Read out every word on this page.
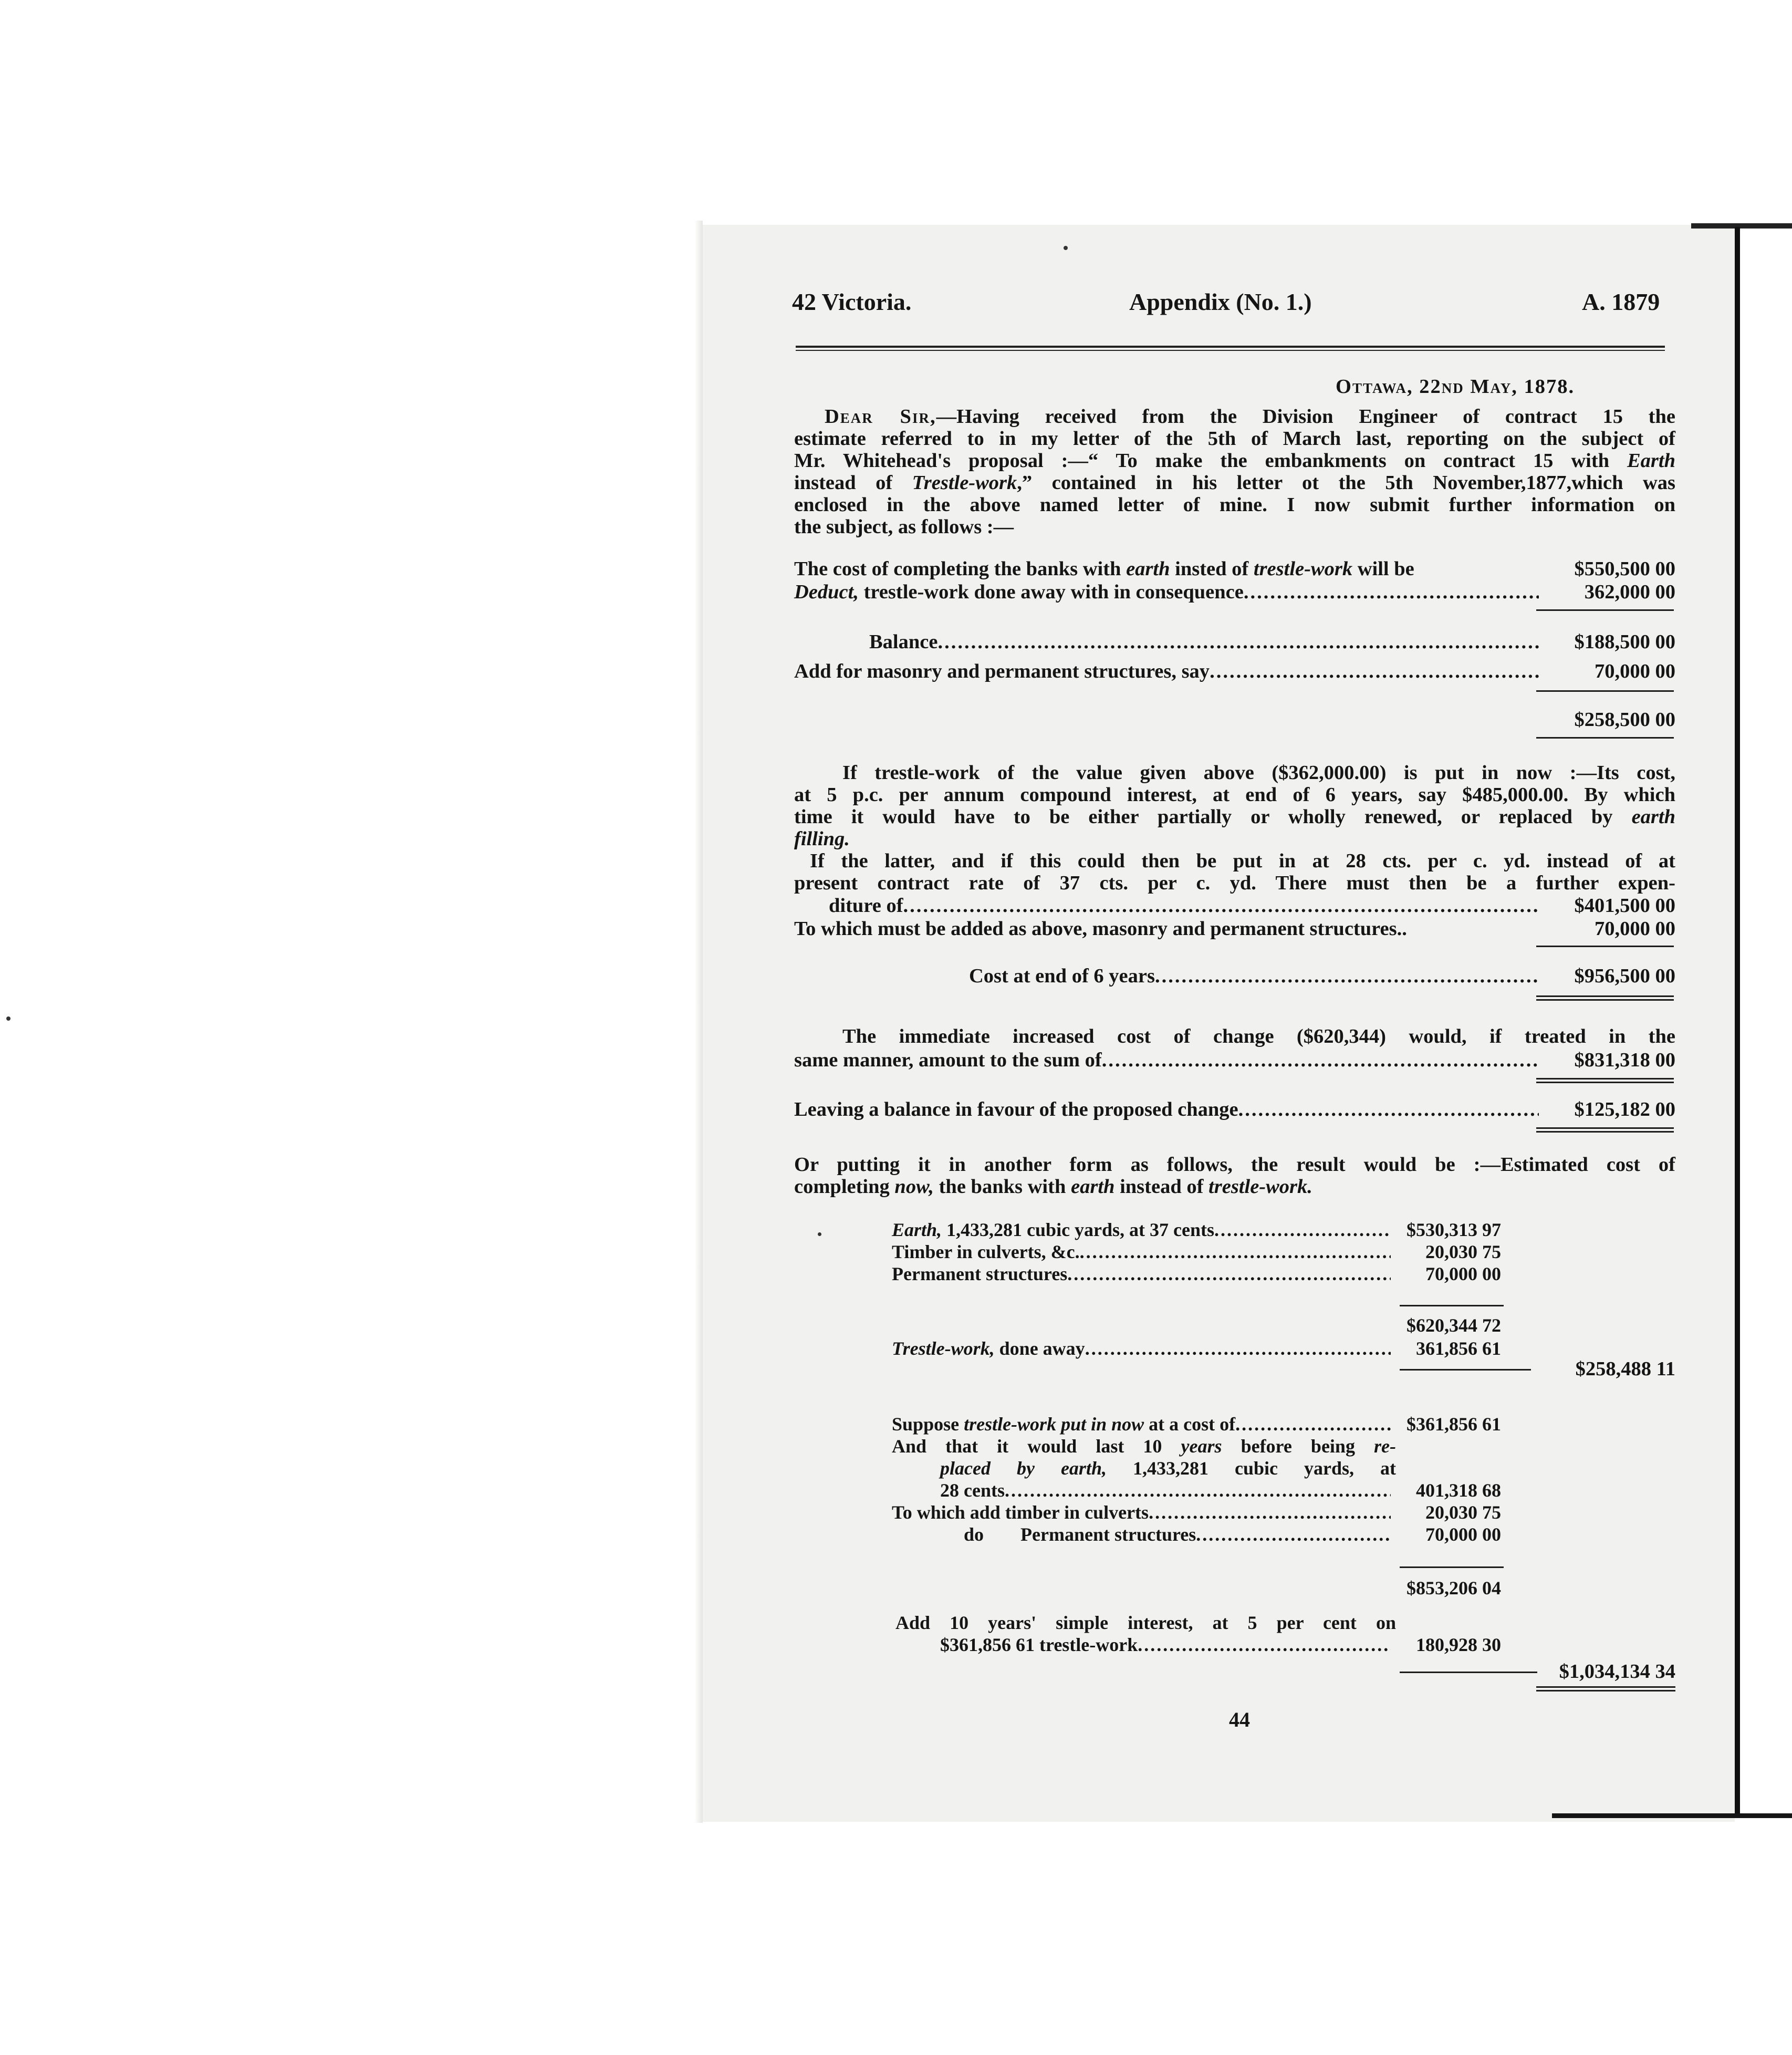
42 Victoria.	Appendix (No. 1.)	A. 1879
Ottawa, 22nd May, 1878.
Dear Sir,—Having received from the Division Engineer of contract 15 the
estimate referred to in my letter of the 5th of March last, reporting on the subject of
Mr. Whitehead's proposal :—“ To make the embankments on contract 15 with Earth
instead of Trestle-work,” contained in his letter ot the 5th November,1877,which was
enclosed in the above named letter of mine. I now submit further information on
the subject, as follows :—
The cost of completing the banks with earth insted of trestle-work will be	$550,500 00
Deduct, trestle-work done away with in consequence .....	362,000 00
Balance .....	$188,500 00
Add for masonry and permanent structures, say .....	70,000 00
$258,500 00
If trestle-work of the value given above ($362,000.00) is put in now :—Its cost,
at 5 p.c. per annum compound interest, at end of 6 years, say $485,000.00. By which
time it would have to be either partially or wholly renewed, or replaced by earth
filling.
If the latter, and if this could then be put in at 28 cts. per c. yd. instead of at
present contract rate of 37 cts. per c. yd. There must then be a further expen-
diture of .....	$401,500 00
To which must be added as above, masonry and permanent structures..	70,000 00
Cost at end of 6 years .....	$956,500 00
The immediate increased cost of change ($620,344) would, if treated in the
same manner, amount to the sum of .....	$831,318 00
Leaving a balance in favour of the proposed change .....	$125,182 00
Or putting it in another form as follows, the result would be :—Estimated cost of
completing now, the banks with earth instead of trestle-work.
Earth, 1,433,281 cubic yards, at 37 cents .....	$530,313 97
Timber in culverts, &c. .....	20,030 75
Permanent structures .....	70,000 00
$620,344 72
Trestle-work, done away .....	361,856 61
$258,488 11
Suppose trestle-work put in now at a cost of .....	$361,856 61
And that it would last 10 years before being re-
placed by earth, 1,433,281 cubic yards, at
28 cents .....	401,318 68
To which add timber in culverts .....	20,030 75
do Permanent structures .....	70,000 00
$853,206 04
Add 10 years' simple interest, at 5 per cent on
$361,856 61 trestle-work .....	180,928 30
$1,034,134 34
44
